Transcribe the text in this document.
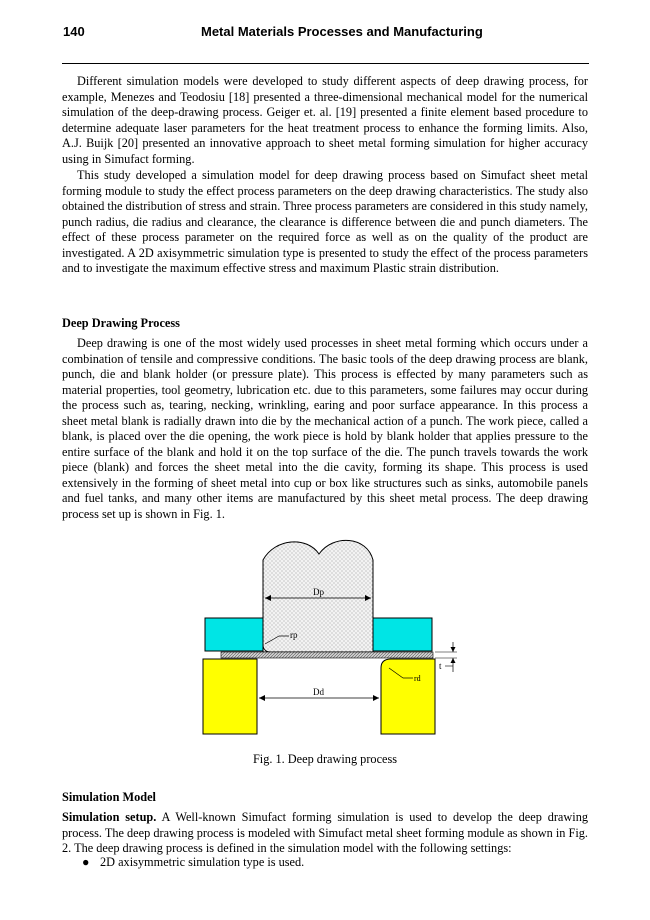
140	Metal Materials Processes and Manufacturing

Different simulation models were developed to study different aspects of deep drawing process, for example, Menezes and Teodosiu [18] presented a three-dimensional mechanical model for the numerical simulation of the deep-drawing process. Geiger et. al. [19] presented a finite element based procedure to determine adequate laser parameters for the heat treatment process to enhance the forming limits. Also, A.J. Buijk [20] presented an innovative approach to sheet metal forming simulation for higher accuracy using in Simufact forming.

This study developed a simulation model for deep drawing process based on Simufact sheet metal forming module to study the effect process parameters on the deep drawing characteristics. The study also obtained the distribution of stress and strain. Three process parameters are considered in this study namely, punch radius, die radius and clearance, the clearance is difference between die and punch diameters. The effect of these process parameter on the required force as well as on the quality of the product are investigated. A 2D axisymmetric simulation type is presented to study the effect of the process parameters and to investigate the maximum effective stress and maximum Plastic strain distribution.

Deep Drawing Process

Deep drawing is one of the most widely used processes in sheet metal forming which occurs under a combination of tensile and compressive conditions. The basic tools of the deep drawing process are blank, punch, die and blank holder (or pressure plate). This process is effected by many parameters such as material properties, tool geometry, lubrication etc. due to this parameters, some failures may occur during the process such as, tearing, necking, wrinkling, earing and poor surface appearance. In this process a sheet metal blank is radially drawn into die by the mechanical action of a punch. The work piece, called a blank, is placed over the die opening, the work piece is hold by blank holder that applies pressure to the entire surface of the blank and hold it on the top surface of the die. The punch travels towards the work piece (blank) and forces the sheet metal into the die cavity, forming its shape. This process is used extensively in the forming of sheet metal into cup or box like structures such as sinks, automobile panels and fuel tanks, and many other items are manufactured by this sheet metal process. The deep drawing process set up is shown in Fig. 1.

Dp
rp
rd
Dd
t

Fig. 1. Deep drawing process

Simulation Model

Simulation setup. A Well-known Simufact forming simulation is used to develop the deep drawing process. The deep drawing process is modeled with Simufact metal sheet forming module as shown in Fig. 2. The deep drawing process is defined in the simulation model with the following settings:

● 2D axisymmetric simulation type is used.
